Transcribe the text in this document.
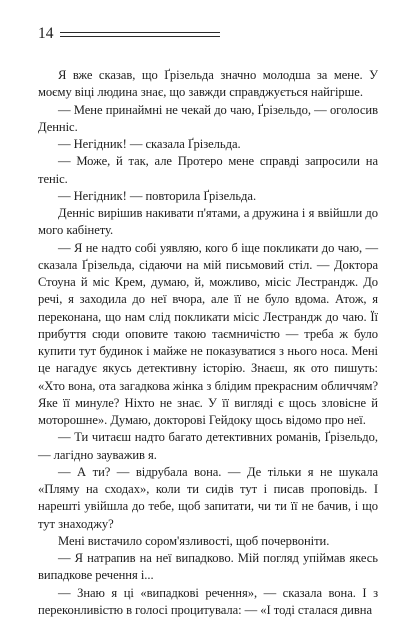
14

Я вже сказав, що Ґрізельда значно молодша за мене. У моєму віці людина знає, що завжди справджується найгірше.

— Мене принаймні не чекай до чаю, Ґрізельдо, — оголосив Денніс.

— Негідник! — сказала Ґрізельда.

— Може, й так, але Протеро мене справді запросили на теніс.

— Негідник! — повторила Ґрізельда.

Денніс вирішив накивати п'ятами, а дружина і я ввійшли до мого кабінету.

— Я не надто собі уявляю, кого б іще покликати до чаю, — сказала Ґрізельда, сідаючи на мій письмовий стіл. — Доктора Стоуна й міс Крем, думаю, й, можливо, місіс Лестрандж. До речі, я заходила до неї вчора, але її не було вдома. Атож, я переконана, що нам слід покликати місіс Лестрандж до чаю. Її прибуття сюди оповите такою таємничістю — треба ж було купити тут будинок і майже не показуватися з нього носа. Мені це нагадує якусь детективну історію. Знаєш, як ото пишуть: «Хто вона, ота загадкова жінка з блідим прекрасним обличчям? Яке її минуле? Ніхто не знає. У її вигляді є щось зловісне й моторошне». Думаю, докторові Гейдоку щось відомо про неї.

— Ти читаєш надто багато детективних романів, Ґрізельдо, — лагідно зауважив я.

— А ти? — відрубала вона. — Де тільки я не шукала «Пляму на сходах», коли ти сидів тут і писав проповідь. І нарешті увійшла до тебе, щоб запитати, чи ти її не бачив, і що тут знаходжу?

Мені вистачило сором'язливості, щоб почервоніти.

— Я натрапив на неї випадково. Мій погляд упіймав якесь випадкове речення і...

— Знаю я ці «випадкові речення», — сказала вона. І з переконливістю в голосі процитувала: — «І тоді сталася дивна
